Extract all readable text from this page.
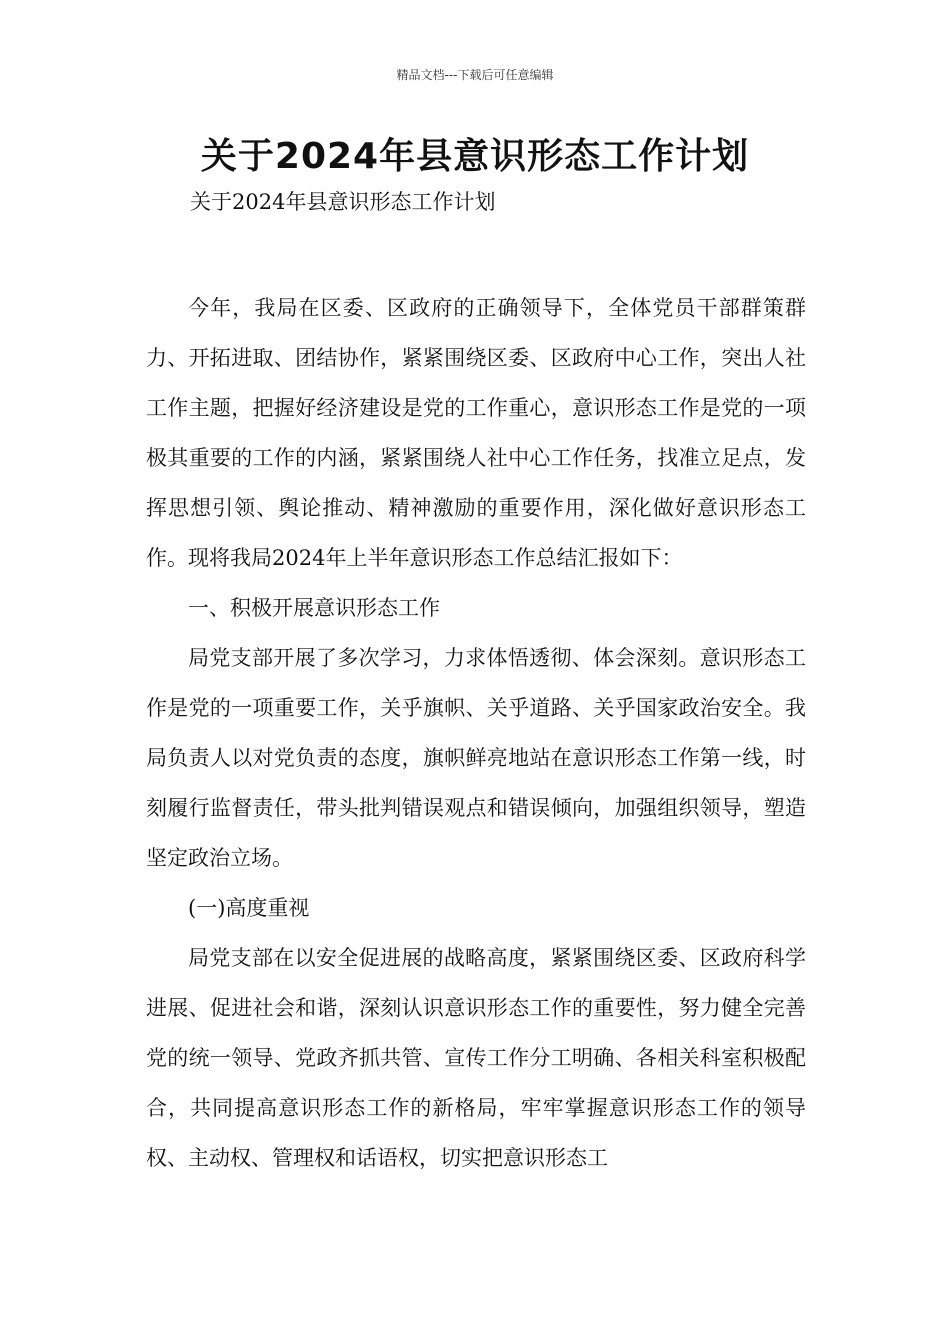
精品文档---下载后可任意编辑
关于2024年县意识形态工作计划
关于2024年县意识形态工作计划

今年，我局在区委、区政府的正确领导下，全体党员干部群策群力、开拓进取、团结协作，紧紧围绕区委、区政府中心工作，突出人社工作主题，把握好经济建设是党的工作重心，意识形态工作是党的一项极其重要的工作的内涵，紧紧围绕人社中心工作任务，找准立足点，发挥思想引领、舆论推动、精神激励的重要作用，深化做好意识形态工作。现将我局2024年上半年意识形态工作总结汇报如下：

一、积极开展意识形态工作

局党支部开展了多次学习，力求体悟透彻、体会深刻。意识形态工作是党的一项重要工作，关乎旗帜、关乎道路、关乎国家政治安全。我局负责人以对党负责的态度，旗帜鲜亮地站在意识形态工作第一线，时刻履行监督责任，带头批判错误观点和错误倾向，加强组织领导，塑造坚定政治立场。

(一)高度重视

局党支部在以安全促进展的战略高度，紧紧围绕区委、区政府科学进展、促进社会和谐，深刻认识意识形态工作的重要性，努力健全完善党的统一领导、党政齐抓共管、宣传工作分工明确、各相关科室积极配合，共同提高意识形态工作的新格局，牢牢掌握意识形态工作的领导权、主动权、管理权和话语权，切实把意识形态工
